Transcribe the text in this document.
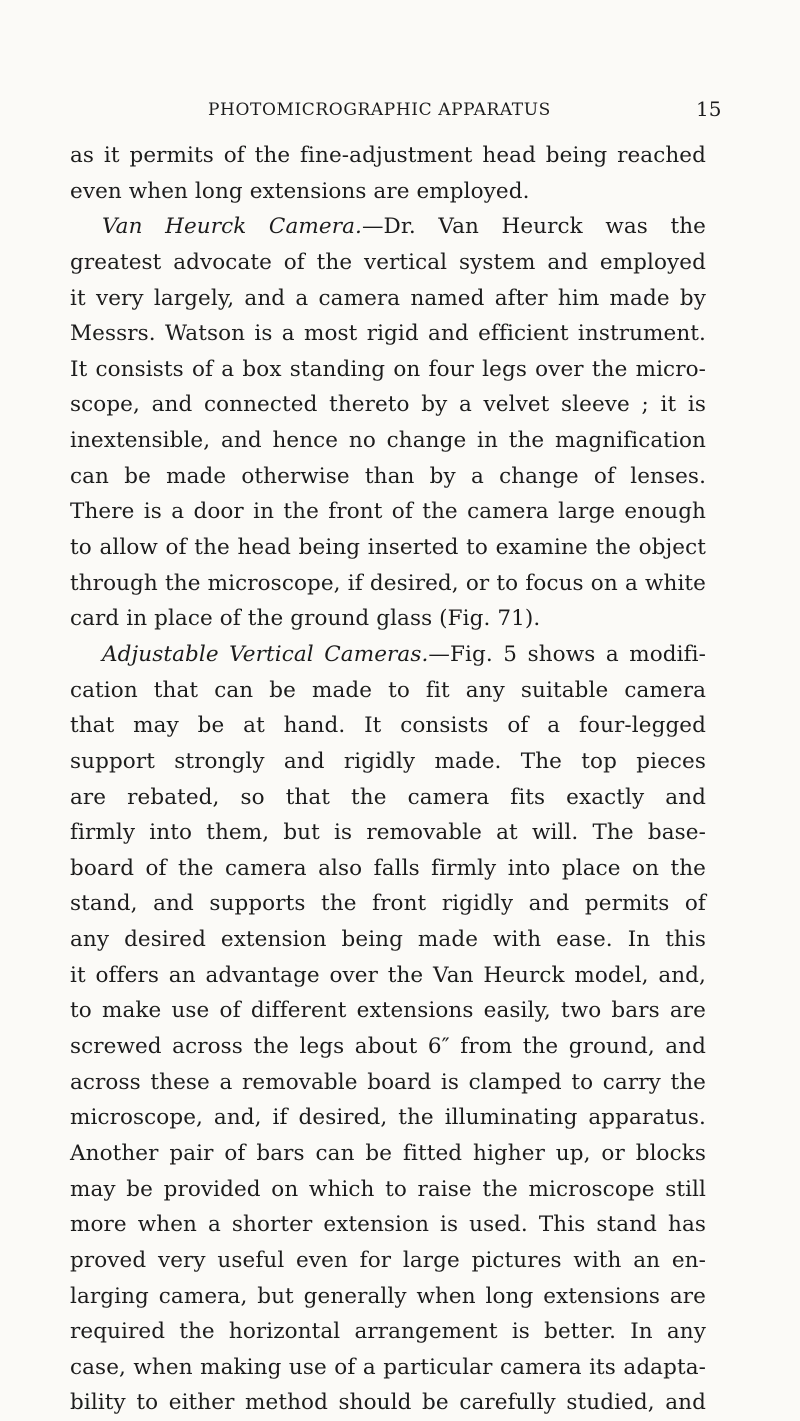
PHOTOMICROGRAPHIC APPARATUS	15
as it permits of the fine-adjustment head being reached
even when long extensions are employed.
Van Heurck Camera.—Dr. Van Heurck was the
greatest advocate of the vertical system and employed
it very largely, and a camera named after him made by
Messrs. Watson is a most rigid and efficient instrument.
It consists of a box standing on four legs over the micro-
scope, and connected thereto by a velvet sleeve ; it is
inextensible, and hence no change in the magnification
can be made otherwise than by a change of lenses.
There is a door in the front of the camera large enough
to allow of the head being inserted to examine the object
through the microscope, if desired, or to focus on a white
card in place of the ground glass (Fig. 71).
Adjustable Vertical Cameras.—Fig. 5 shows a modifi-
cation that can be made to fit any suitable camera
that may be at hand. It consists of a four-legged
support strongly and rigidly made. The top pieces
are rebated, so that the camera fits exactly and
firmly into them, but is removable at will. The base-
board of the camera also falls firmly into place on the
stand, and supports the front rigidly and permits of
any desired extension being made with ease. In this
it offers an advantage over the Van Heurck model, and,
to make use of different extensions easily, two bars are
screwed across the legs about 6″ from the ground, and
across these a removable board is clamped to carry the
microscope, and, if desired, the illuminating apparatus.
Another pair of bars can be fitted higher up, or blocks
may be provided on which to raise the microscope still
more when a shorter extension is used. This stand has
proved very useful even for large pictures with an en-
larging camera, but generally when long extensions are
required the horizontal arrangement is better. In any
case, when making use of a particular camera its adapta-
bility to either method should be carefully studied, and
